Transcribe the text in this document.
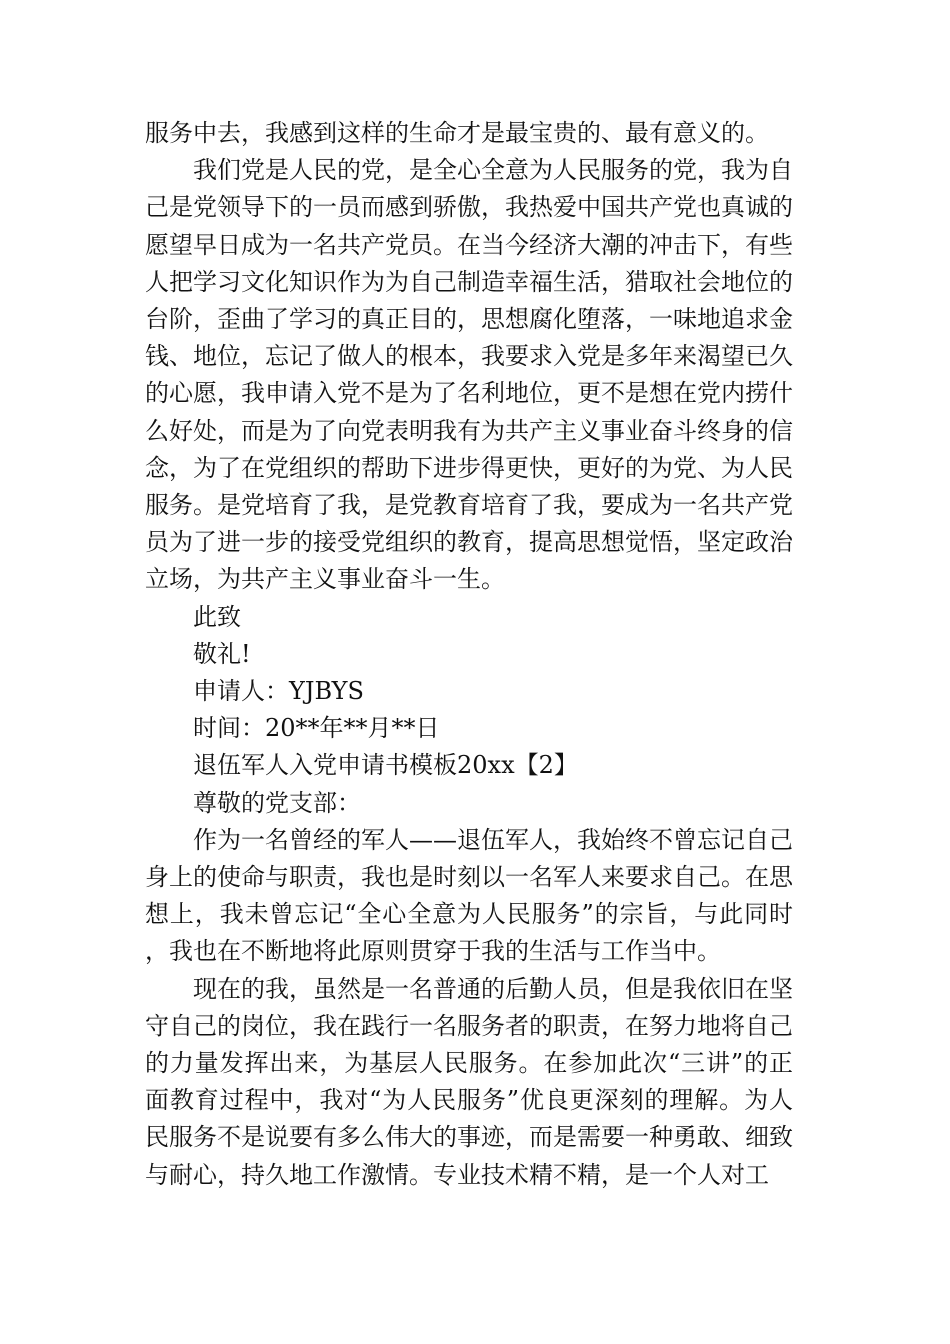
服务中去，我感到这样的生命才是最宝贵的、最有意义的。

我们党是人民的党，是全心全意为人民服务的党，我为自己是党领导下的一员而感到骄傲，我热爱中国共产党也真诚的愿望早日成为一名共产党员。在当今经济大潮的冲击下，有些人把学习文化知识作为为自己制造幸福生活，猎取社会地位的台阶，歪曲了学习的真正目的，思想腐化堕落，一味地追求金钱、地位，忘记了做人的根本，我要求入党是多年来渴望已久的心愿，我申请入党不是为了名利地位，更不是想在党内捞什么好处，而是为了向党表明我有为共产主义事业奋斗终身的信念，为了在党组织的帮助下进步得更快，更好的为党、为人民服务。是党培育了我，是党教育培育了我，要成为一名共产党员为了进一步的接受党组织的教育，提高思想觉悟，坚定政治立场，为共产主义事业奋斗一生。

此致

敬礼!

申请人：YJBYS

时间：20**年**月**日

退伍军人入党申请书模板20xx【2】

尊敬的党支部：

作为一名曾经的军人——退伍军人，我始终不曾忘记自己身上的使命与职责，我也是时刻以一名军人来要求自己。在思想上，我未曾忘记“全心全意为人民服务”的宗旨，与此同时，我也在不断地将此原则贯穿于我的生活与工作当中。

现在的我，虽然是一名普通的后勤人员，但是我依旧在坚守自己的岗位，我在践行一名服务者的职责，在努力地将自己的力量发挥出来，为基层人民服务。在参加此次“三讲”的正面教育过程中，我对“为人民服务”优良更深刻的理解。为人民服务不是说要有多么伟大的事迹，而是需要一种勇敢、细致与耐心，持久地工作激情。专业技术精不精，是一个人对工
